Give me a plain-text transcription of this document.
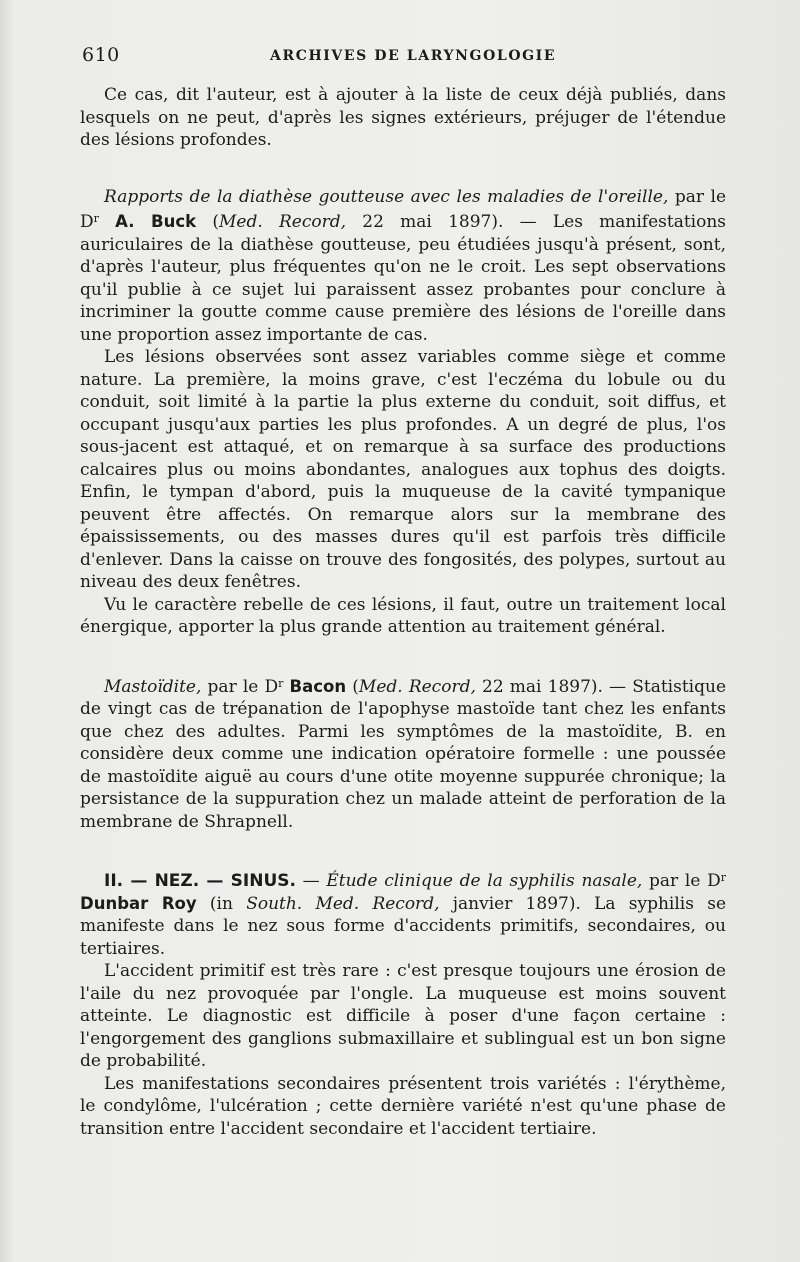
610	ARCHIVES DE LARYNGOLOGIE

Ce cas, dit l'auteur, est à ajouter à la liste de ceux déjà publiés, dans lesquels on ne peut, d'après les signes extérieurs, préjuger de l'étendue des lésions profondes.

Rapports de la diathèse goutteuse avec les maladies de l'oreille, par le $D^r$ A. Buck (Med. Record, 22 mai 1897). — Les manifestations auriculaires de la diathèse goutteuse, peu étudiées jusqu'à présent, sont, d'après l'auteur, plus fréquentes qu'on ne le croit. Les sept observations qu'il publie à ce sujet lui paraissent assez probantes pour conclure à incriminer la goutte comme cause première des lésions de l'oreille dans une proportion assez importante de cas.

Les lésions observées sont assez variables comme siège et comme nature. La première, la moins grave, c'est l'eczéma du lobule ou du conduit, soit limité à la partie la plus externe du conduit, soit diffus, et occupant jusqu'aux parties les plus profondes. A un degré de plus, l'os sous-jacent est attaqué, et on remarque à sa surface des productions calcaires plus ou moins abondantes, analogues aux tophus des doigts. Enfin, le tympan d'abord, puis la muqueuse de la cavité tympanique peuvent être affectés. On remarque alors sur la membrane des épaississements, ou des masses dures qu'il est parfois très difficile d'enlever. Dans la caisse on trouve des fongosités, des polypes, surtout au niveau des deux fenêtres.

Vu le caractère rebelle de ces lésions, il faut, outre un traitement local énergique, apporter la plus grande attention au traitement général.

Mastoïdite, par le $D^r$ Bacon (Med. Record, 22 mai 1897). — Statistique de vingt cas de trépanation de l'apophyse mastoïde tant chez les enfants que chez des adultes. Parmi les symptômes de la mastoïdite, B. en considère deux comme une indication opératoire formelle : une poussée de mastoïdite aiguë au cours d'une otite moyenne suppurée chronique; la persistance de la suppuration chez un malade atteint de perforation de la membrane de Shrapnell.

II. — NEZ. — SINUS. — Étude clinique de la syphilis nasale, par le $D^r$ Dunbar Roy (in South. Med. Record, janvier 1897). La syphilis se manifeste dans le nez sous forme d'accidents primitifs, secondaires, ou tertiaires.

L'accident primitif est très rare : c'est presque toujours une érosion de l'aile du nez provoquée par l'ongle. La muqueuse est moins souvent atteinte. Le diagnostic est difficile à poser d'une façon certaine : l'engorgement des ganglions submaxillaire et sublingual est un bon signe de probabilité.

Les manifestations secondaires présentent trois variétés : l'érythème, le condylôme, l'ulcération ; cette dernière variété n'est qu'une phase de transition entre l'accident secondaire et l'accident tertiaire.
